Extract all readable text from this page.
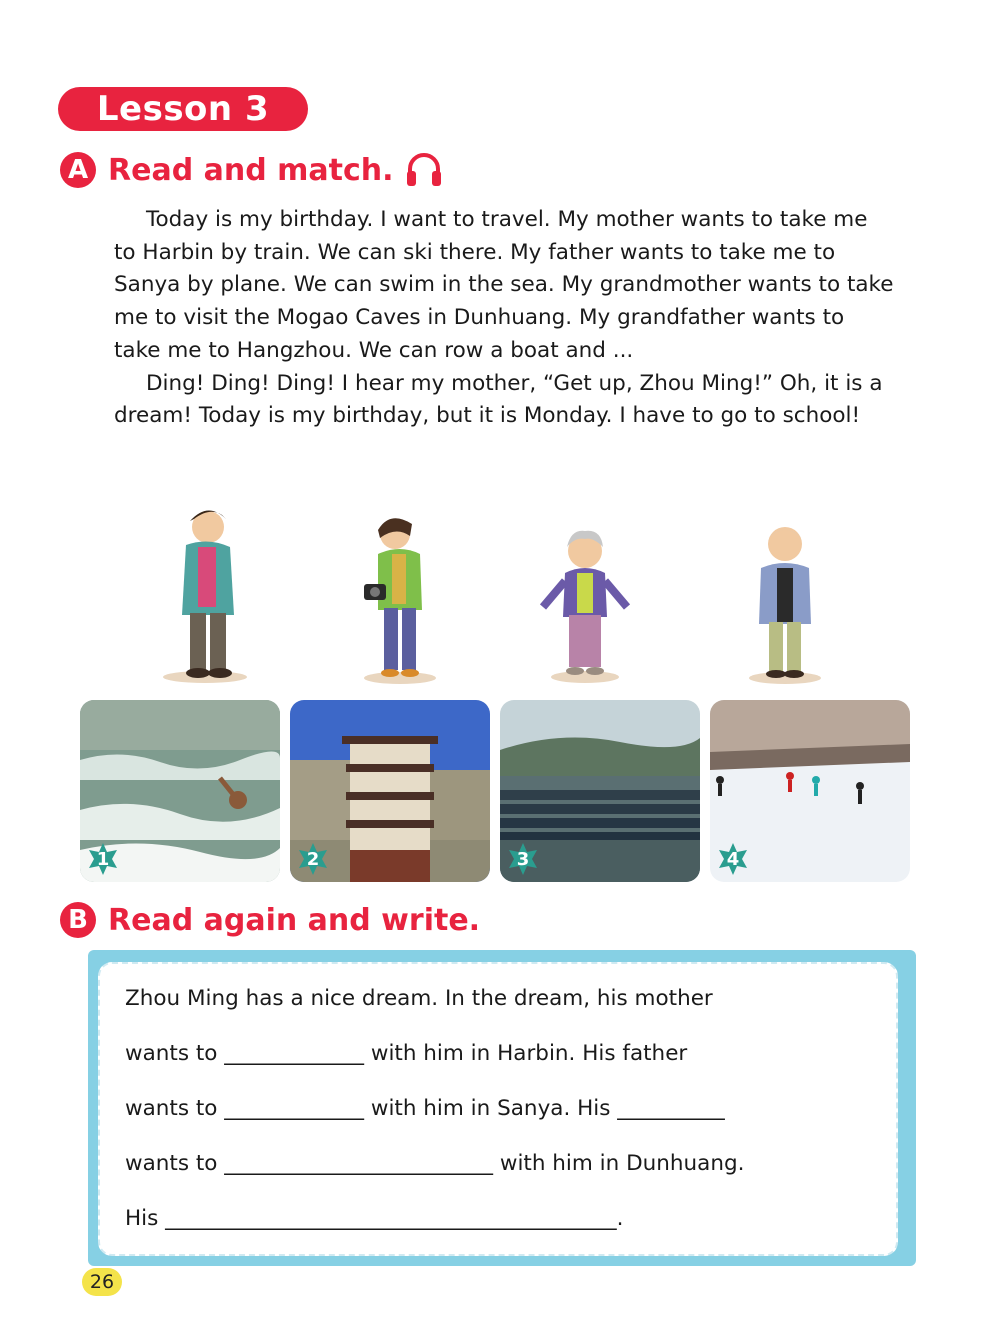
Lesson 3
A Read and match.

Today is my birthday. I want to travel. My mother wants to take me to Harbin by train. We can ski there. My father wants to take me to Sanya by plane. We can swim in the sea. My grandmother wants to take me to visit the Mogao Caves in Dunhuang. My grandfather wants to take me to Hangzhou. We can row a boat and ...

Ding! Ding! Ding! I hear my mother, “Get up, Zhou Ming!” Oh, it is a dream! Today is my birthday, but it is Monday. I have to go to school!

1	2	3	4
B Read again and write.
Zhou Ming has a nice dream. In the dream, his mother
wants to _____________ with him in Harbin. His father
wants to _____________ with him in Sanya. His __________
wants to _________________________ with him in Dunhuang.
His __________________________________________.
26
